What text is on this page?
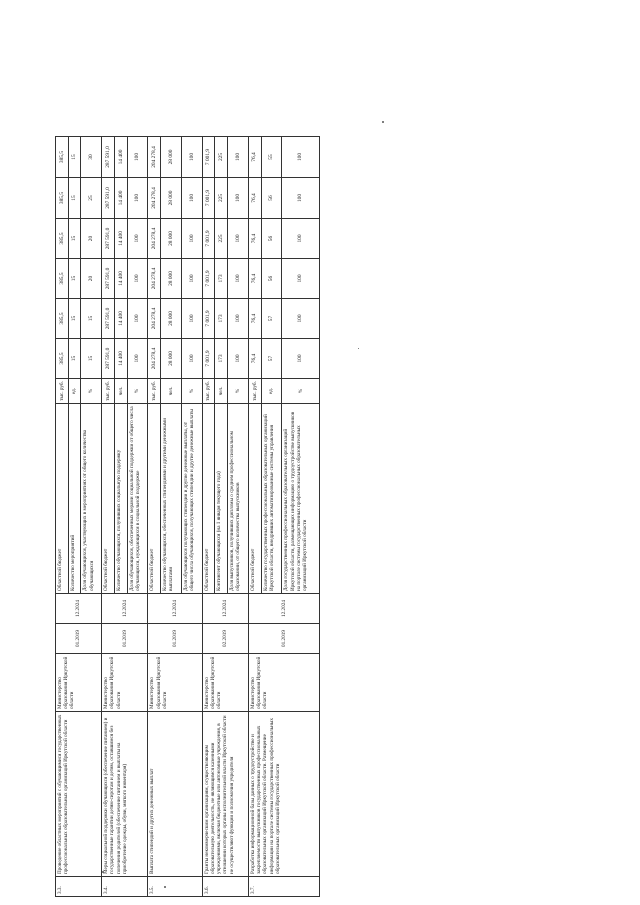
3.3.	Проведение областных мероприятий с обучающимися государственных профессиональных образовательных организаций Иркутской области	Министерство образования Иркутской области	01.2019	12.2024	Областной бюджет	тыс. руб.	385,5	385,5	385,5	385,5	385,5	385,5
					Количество мероприятий	ед.	15	15	15	15	15	15
					Доля обучающихся, участвующих в мероприятиях от общего количества обучающихся	%	15	15	20	20	25	30
3.4.	Меры социальной поддержки обучающихся (обеспечение питанием) и государственные гарантии детям-сиротам и детям, оставшимся без попечения родителей (обеспечение питанием и выплаты на приобретение одежды, обуви, мягкого инвентаря)	Министерство образования Иркутской области	01.2019	12.2024	Областной бюджет	тыс. руб.	287 591,0	287 591,0	287 591,0	287 591,0	287 591,0	287 591,0
					Количество обучающихся, получивших социальную поддержку	чел.	14 400	14 400	14 400	14 400	14 400	14 400
					Доля обучающихся, обеспеченных мерами социальной поддержки от общего числа обучающихся, нуждающихся в социальной поддержке	%	100	100	100	100	100	100
3.5.	Выплата стипендий и других денежных выплат	Министерство образования Иркутской области	01.2019	12.2024	Областной бюджет	тыс. руб.	204 278,4	204 278,4	204 278,4	204 278,4	204 278,4	204 278,4
					Количество обучающихся, обеспеченных стипендиями и другими денежными выплатами	чел.	28 000	28 000	28 000	28 000	28 000	28 000
					Доля обучающихся получающих стипендии и другие денежные выплаты, от общего числа обучающихся, получающих стипендии и другие денежные выплаты	%	100	100	100	100	100	100
3.6.	Гранты некоммерческим организациям, осуществляющим образовательную деятельность, не являющимся казенными учреждениями, включая бюджетные или автономные учреждения, в отношении которых органы исполнительной власти Иркутской области не осуществляют функции и полномочия учредителя	Министерство образования Иркутской области	02.2019	12.2024	Областной бюджет	тыс. руб.	7 001,9	7 001,9	7 001,9	7 001,9	7 001,9	7 001,9
					Контингент обучающихся (на 1 января текущего года)	чел.	173	173	173	225	225	225
					Доля выпускников, получивших дипломы о среднем профессиональном образовании, от общего количества выпускников	%	100	100	100	100	100	100
3.7.	Разработка информационной базы данных о трудоустройстве и закрепляемости выпускников государственных профессиональных образовательных организаций Иркутской области. Размещение информации на портале системы государственных профессиональных образовательных организаций Иркутской области	Министерство образования Иркутской области	01.2019	12.2024	Областной бюджет	тыс. руб.	76,4	76,4	76,4	76,4	76,4	76,4
					Количество государственных профессиональных образовательных организаций Иркутской области, внедривших автоматизированные системы управления	ед.	57	57	56	56	56	55
					Доля государственных профессиональных образовательных организаций Иркутской области, размещающих информацию о трудоустройстве выпускников на портале системы государственных профессиональных образовательных организаций Иркутской области	%	100	100	100	100	100	100
